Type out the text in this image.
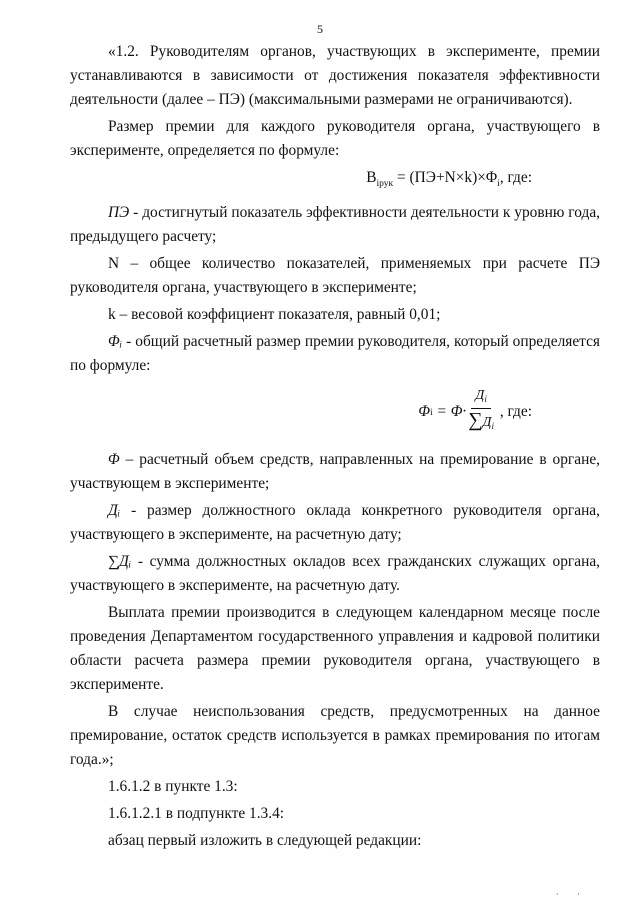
5

«1.2. Руководителям органов, участвующих в эксперименте, премии устанавливаются в зависимости от достижения показателя эффективности деятельности (далее – ПЭ) (максимальными размерами не ограничиваются).

Размер премии для каждого руководителя органа, участвующего в эксперименте, определяется по формуле:

$B_{iрук} = (ПЭ+N\times k)\times\Phi_i$, где:

ПЭ - достигнутый показатель эффективности деятельности к уровню года, предыдущего расчету;

N – общее количество показателей, применяемых при расчете ПЭ руководителя органа, участвующего в эксперименте;

k – весовой коэффициент показателя, равный 0,01;

Φᵢ - общий расчетный размер премии руководителя, который определяется по формуле:

Φ $i = \Phi\cdot \frac{Д_i}{\sum Д_i}$ , где:

Φ – расчетный объем средств, направленных на премирование в органе, участвующем в эксперименте;

Дᵢ - размер должностного оклада конкретного руководителя органа, участвующего в эксперименте, на расчетную дату;

∑Дᵢ - сумма должностных окладов всех гражданских служащих органа, участвующего в эксперименте, на расчетную дату.

Выплата премии производится в следующем календарном месяце после проведения Департаментом государственного управления и кадровой политики области расчета размера премии руководителя органа, участвующего в эксперименте.

В случае неиспользования средств, предусмотренных на данное премирование, остаток средств используется в рамках премирования по итогам года.»;

1.6.1.2 в пункте 1.3:

1.6.1.2.1 в подпункте 1.3.4:

абзац первый изложить в следующей редакции:

· ·
